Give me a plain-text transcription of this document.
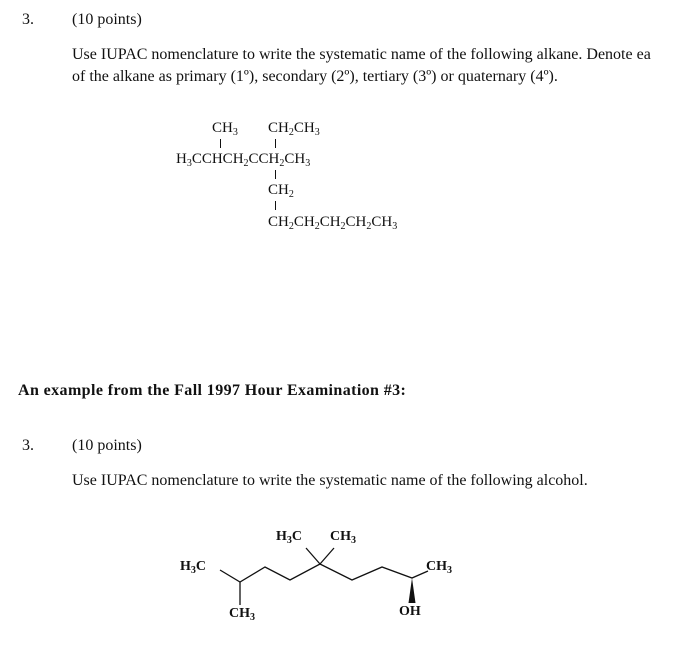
3. (10 points)
Use IUPAC nomenclature to write the systematic name of the following alkane. Denote ea
of the alkane as primary (1º), secondary (2º), tertiary (3º) or quaternary (4º).
$CH_3$ $CH_2CH_3$
$H_3CCHCH_2CCH_2CH_3$
$CH_2$
$CH_2CH_2CH_2CH_2CH_3$
An example from the Fall 1997 Hour Examination #3:
3. (10 points)
Use IUPAC nomenclature to write the systematic name of the following alcohol.
$H_3C$
$H_3C$ $CH_3$
$CH_3$
$CH_3$	OH
